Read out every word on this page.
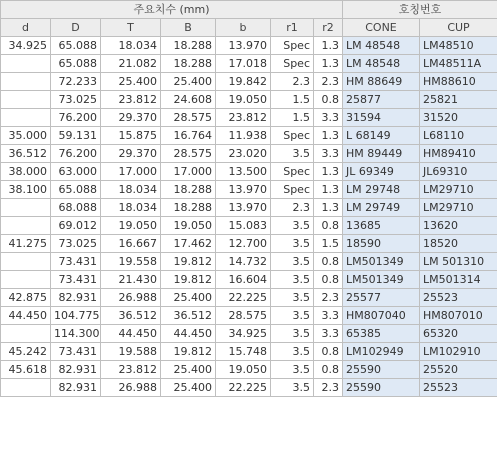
주요치수 (mm)							호칭번호	
d	D	T	B	b	r1	r2	CONE	CUP
34.925	65.088	18.034	18.288	13.970	Spec	1.3	LM 48548	LM48510
	65.088	21.082	18.288	17.018	Spec	1.3	LM 48548	LM48511A
	72.233	25.400	25.400	19.842	2.3	2.3	HM 88649	HM88610
	73.025	23.812	24.608	19.050	1.5	0.8	25877	25821
	76.200	29.370	28.575	23.812	1.5	3.3	31594	31520
35.000	59.131	15.875	16.764	11.938	Spec	1.3	L 68149	L68110
36.512	76.200	29.370	28.575	23.020	3.5	3.3	HM 89449	HM89410
38.000	63.000	17.000	17.000	13.500	Spec	1.3	JL 69349	JL69310
38.100	65.088	18.034	18.288	13.970	Spec	1.3	LM 29748	LM29710
	68.088	18.034	18.288	13.970	2.3	1.3	LM 29749	LM29710
	69.012	19.050	19.050	15.083	3.5	0.8	13685	13620
41.275	73.025	16.667	17.462	12.700	3.5	1.5	18590	18520
	73.431	19.558	19.812	14.732	3.5	0.8	LM501349	LM 501310
	73.431	21.430	19.812	16.604	3.5	0.8	LM501349	LM501314
42.875	82.931	26.988	25.400	22.225	3.5	2.3	25577	25523
44.450	104.775	36.512	36.512	28.575	3.5	3.3	HM807040	HM807010
	114.300	44.450	44.450	34.925	3.5	3.3	65385	65320
45.242	73.431	19.588	19.812	15.748	3.5	0.8	LM102949	LM102910
45.618	82.931	23.812	25.400	19.050	3.5	0.8	25590	25520
	82.931	26.988	25.400	22.225	3.5	2.3	25590	25523
